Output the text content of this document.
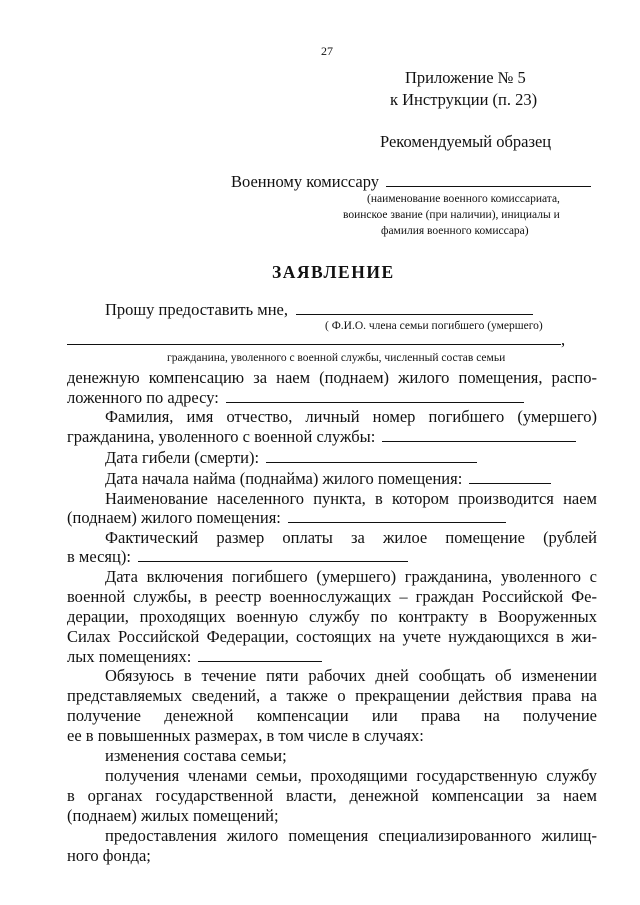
27
Приложение № 5
к Инструкции (п. 23)
Рекомендуемый образец
Военному комиссару
(наименование военного комиссариата,
воинское звание (при наличии), инициалы и
фамилия военного комиссара)
ЗАЯВЛЕНИЕ
Прошу предоставить мне,
( Ф.И.О. члена семьи погибшего (умершего)
,
гражданина, уволенного с военной службы, численный состав семьи
денежную компенсацию за наем (поднаем) жилого помещения, распо-
ложенного по адресу:
Фамилия, имя отчество, личный номер погибшего (умершего)
гражданина, уволенного с военной службы:
Дата гибели (смерти):
Дата начала найма (поднайма) жилого помещения:
Наименование населенного пункта, в котором производится наем
(поднаем) жилого помещения:
Фактический размер оплаты за жилое помещение (рублей
в месяц):
Дата включения погибшего (умершего) гражданина, уволенного с
военной службы, в реестр военнослужащих – граждан Российской Фе-
дерации, проходящих военную службу по контракту в Вооруженных
Силах Российской Федерации, состоящих на учете нуждающихся в жи-
лых помещениях:
Обязуюсь в течение пяти рабочих дней сообщать об изменении
представляемых сведений, а также о прекращении действия права на
получение денежной компенсации или права на получение
ее в повышенных размерах, в том числе в случаях:
изменения состава семьи;
получения членами семьи, проходящими государственную службу
в органах государственной власти, денежной компенсации за наем
(поднаем) жилых помещений;
предоставления жилого помещения специализированного жилищ-
ного фонда;
